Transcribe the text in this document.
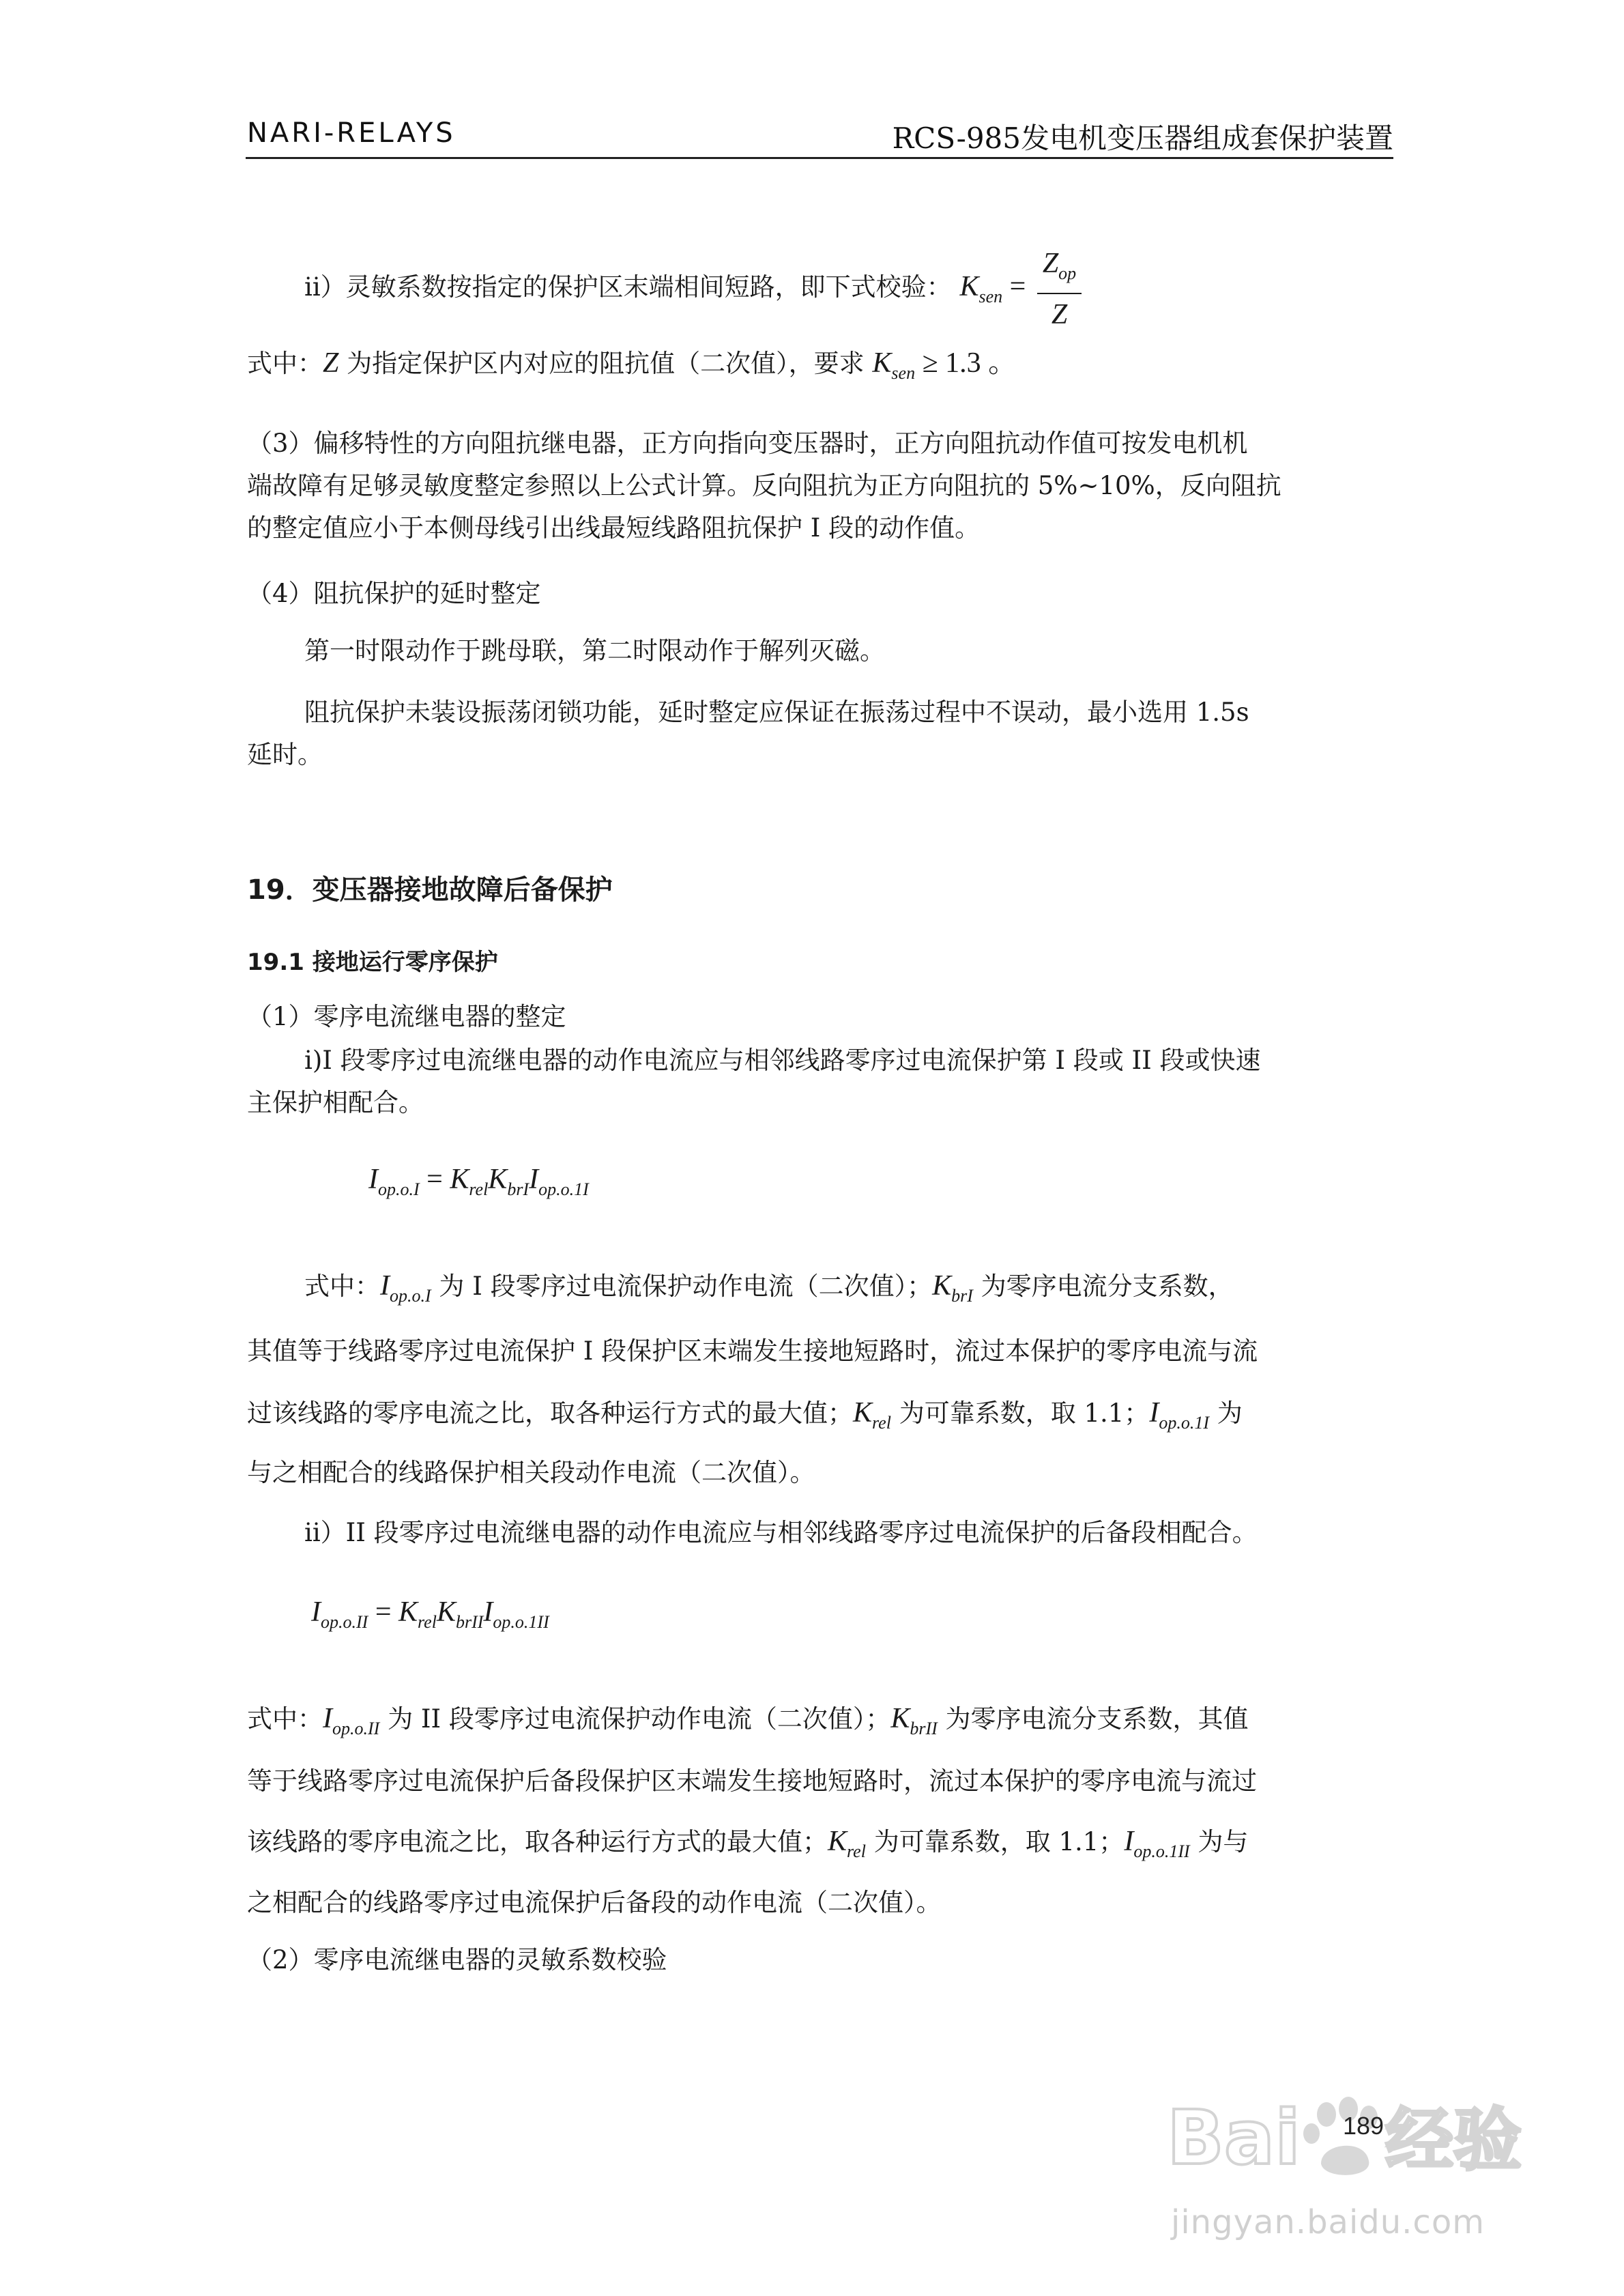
NARI-RELAYS	RCS-985发电机变压器组成套保护装置
ii）灵敏系数按指定的保护区末端相间短路，即下式校验： $K_{sen} = \frac{Z_{op}}{Z}$
式中：Z 为指定保护区内对应的阻抗值（二次值），要求 $K_{sen} \ge 1.3$ 。
（3）偏移特性的方向阻抗继电器，正方向指向变压器时，正方向阻抗动作值可按发电机机
端故障有足够灵敏度整定参照以上公式计算。反向阻抗为正方向阻抗的 5%~10%，反向阻抗
的整定值应小于本侧母线引出线最短线路阻抗保护 I 段的动作值。
（4）阻抗保护的延时整定
第一时限动作于跳母联，第二时限动作于解列灭磁。
阻抗保护未装设振荡闭锁功能，延时整定应保证在振荡过程中不误动，最小选用 1.5s
延时。
19．变压器接地故障后备保护
19.1 接地运行零序保护
（1）零序电流继电器的整定
i)I 段零序过电流继电器的动作电流应与相邻线路零序过电流保护第 I 段或 II 段或快速
主保护相配合。
$I_{op.o.I} = K_{rel}K_{brI}I_{op.o.1I}$
式中：$I_{op.o.I}$ 为 I 段零序过电流保护动作电流（二次值）；$K_{brI}$ 为零序电流分支系数，
其值等于线路零序过电流保护 I 段保护区末端发生接地短路时，流过本保护的零序电流与流
过该线路的零序电流之比，取各种运行方式的最大值；$K_{rel}$ 为可靠系数，取 1.1；$I_{op.o.1I}$ 为
与之相配合的线路保护相关段动作电流（二次值）。
ii）II 段零序过电流继电器的动作电流应与相邻线路零序过电流保护的后备段相配合。
$I_{op.o.II} = K_{rel}K_{brII}I_{op.o.1II}$
式中：$I_{op.o.II}$ 为 II 段零序过电流保护动作电流（二次值）；$K_{brII}$ 为零序电流分支系数，其值
等于线路零序过电流保护后备段保护区末端发生接地短路时，流过本保护的零序电流与流过
该线路的零序电流之比，取各种运行方式的最大值；$K_{rel}$ 为可靠系数，取 1.1；$I_{op.o.1II}$ 为与
之相配合的线路零序过电流保护后备段的动作电流（二次值）。
（2）零序电流继电器的灵敏系数校验
Bai 经验
189
jingyan.baidu.com
